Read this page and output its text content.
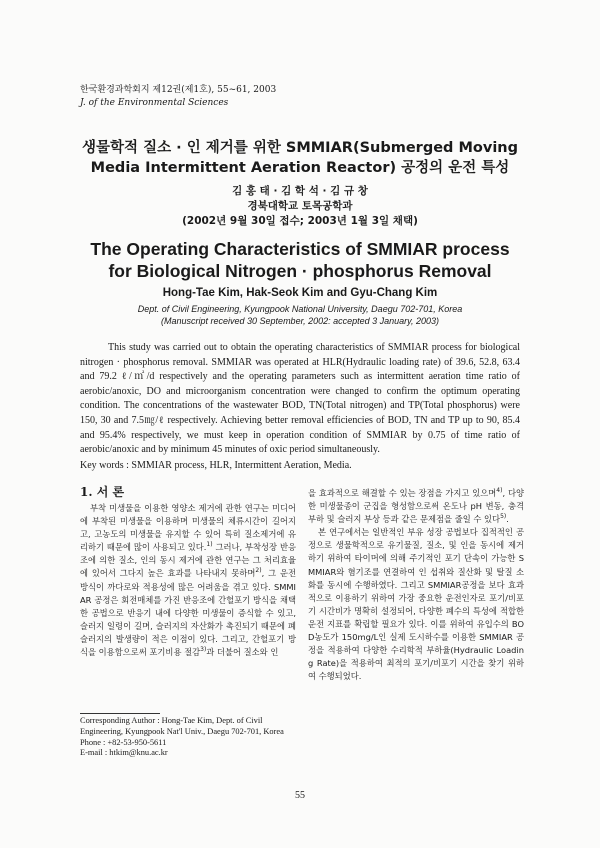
한국환경과학회지 제12권(제1호), 55~61, 2003
J. of the Environmental Sciences
생물학적 질소 · 인 제거를 위한 SMMIAR(Submerged Moving
Media Intermittent Aeration Reactor) 공정의 운전 특성
김 홍 태 · 김 학 석 · 김 규 창
경북대학교 토목공학과
(2002년 9월 30일 접수; 2003년 1월 3일 채택)
The Operating Characteristics of SMMIAR process
for Biological Nitrogen · phosphorus Removal
Hong-Tae Kim, Hak-Seok Kim and Gyu-Chang Kim
Dept. of Civil Engineering, Kyungpook National University, Daegu 702-701, Korea
(Manuscript received 30 September, 2002: accepted 3 January, 2003)
This study was carried out to obtain the operating characteristics of SMMIAR process for biological nitrogen · phosphorus removal. SMMIAR was operated at HLR(Hydraulic loading rate) of 39.6, 52.8, 63.4 and 79.2 ℓ/㎡/d respectively and the operating parameters such as intermittent aeration time ratio of aerobic/anoxic, DO and microorganism concentration were changed to confirm the optimum operating condition. The concentrations of the wastewater BOD, TN(Total nitrogen) and TP(Total phosphorus) were 150, 30 and 7.5㎎/ℓ respectively. Achieving better removal efficiencies of BOD, TN and TP up to 90, 85.4 and 95.4% respectively, we must keep in operation condition of SMMIAR by 0.75 of time ratio of aerobic/anoxic and by minimum 45 minutes of oxic period simultaneously.
Key words : SMMIAR process, HLR, Intermittent Aeration, Media.
1. 서 론

부착 미생물을 이용한 영양소 제거에 관한 연구는 미디어에 부착된 미생물을 이용하며 미생물의 체류시간이 길어지고, 고농도의 미생물을 유지할 수 있어 특히 질소제거에 유리하기 때문에 많이 사용되고 있다.$^{1)}$ 그러나, 부착성장 반응조에 의한 질소, 인의 동시 제거에 관한 연구는 그 처리효율에 있어서 그다지 높은 효과를 나타내지 못하며$^{2)}$, 그 운전 방식이 까다로와 적용성에 많은 어려움을 겪고 있다. SMMIAR 공정은 회전매체를 가진 반응조에 간헐포기 방식을 채택한 공법으로 반응기 내에 다양한 미생물이 증식할 수 있고, 슬러지 일령이 길며, 슬러지의 자산화가 촉진되기 때문에 폐슬러지의 발생량이 적은 이점이 있다. 그리고, 간헐포기 방식을 이용함으로써 포기비용 절감$^{3)}$과 더불어 질소와 인

을 효과적으로 해결할 수 있는 장점을 가지고 있으며$^{4)}$, 다양한 미생물종이 군집을 형성함으로써 온도나 pH 변동, 충격부하 및 슬러지 부상 등과 같은 문제점을 줄일 수 있다$^{5)}$.

본 연구에서는 일반적인 부유 성장 공법보다 집적적인 공정으로 생물학적으로 유기물질, 질소, 및 인을 동시에 제거하기 위하여 타이머에 의해 주기적인 포기 단속이 가능한 SMMIAR와 혐기조를 연결하여 인 섭취와 질산화 및 탈질 소화를 동시에 수행하였다. 그리고 SMMIAR공정을 보다 효과적으로 이용하기 위하여 가장 중요한 운전인자로 포기/비포기 시간비가 명확히 설정되어, 다양한 폐수의 특성에 적합한 운전 지표를 확립할 필요가 있다. 이를 위하여 유입수의 BOD농도가 150mg/L인 실제 도시하수를 이용한 SMMIAR 공정을 적용하여 다양한 수리학적 부하율(Hydraulic Loading Rate)을 적용하여 최적의 포기/비포기 시간을 찾기 위하여 수행되었다.

Corresponding Author : Hong-Tae Kim, Dept. of Civil Engineering, Kyungpook Nat'l Univ., Daegu 702-701, Korea
Phone : +82-53-950-5611
E-mail : htkim@knu.ac.kr
55
